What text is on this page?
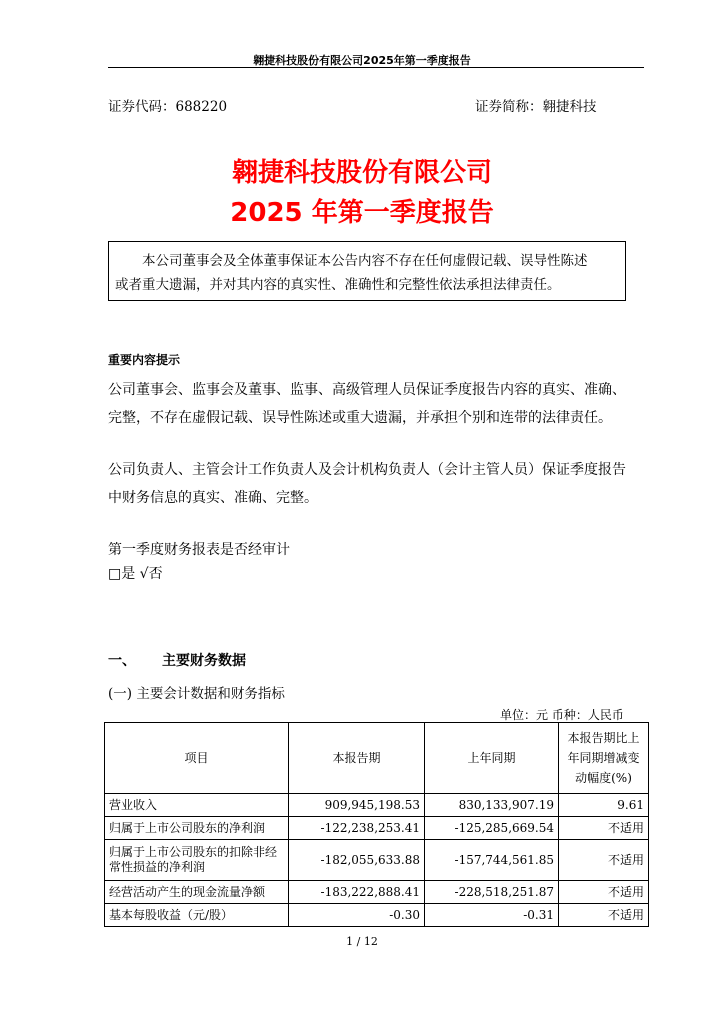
翱捷科技股份有限公司2025年第一季度报告
证券代码：688220	证券简称：翱捷科技
翱捷科技股份有限公司
2025 年第一季度报告

本公司董事会及全体董事保证本公告内容不存在任何虚假记载、误导性陈述

或者重大遗漏，并对其内容的真实性、准确性和完整性依法承担法律责任。

重要内容提示

公司董事会、监事会及董事、监事、高级管理人员保证季度报告内容的真实、准确、

完整，不存在虚假记载、误导性陈述或重大遗漏，并承担个别和连带的法律责任。

公司负责人、主管会计工作负责人及会计机构负责人（会计主管人员）保证季度报告

中财务信息的真实、准确、完整。

第一季度财务报表是否经审计
□是 √否
一、 主要财务数据
(一) 主要会计数据和财务指标
单位：元 币种：人民币
项目	本报告期	上年同期	本报告期比上年同期增减变动幅度(%)
营业收入	909,945,198.53	830,133,907.19	9.61
归属于上市公司股东的净利润	-122,238,253.41	-125,285,669.54	不适用
归属于上市公司股东的扣除非经常性损益的净利润	-182,055,633.88	-157,744,561.85	不适用
经营活动产生的现金流量净额	-183,222,888.41	-228,518,251.87	不适用
基本每股收益（元/股）	-0.30	-0.31	不适用
1 / 12
